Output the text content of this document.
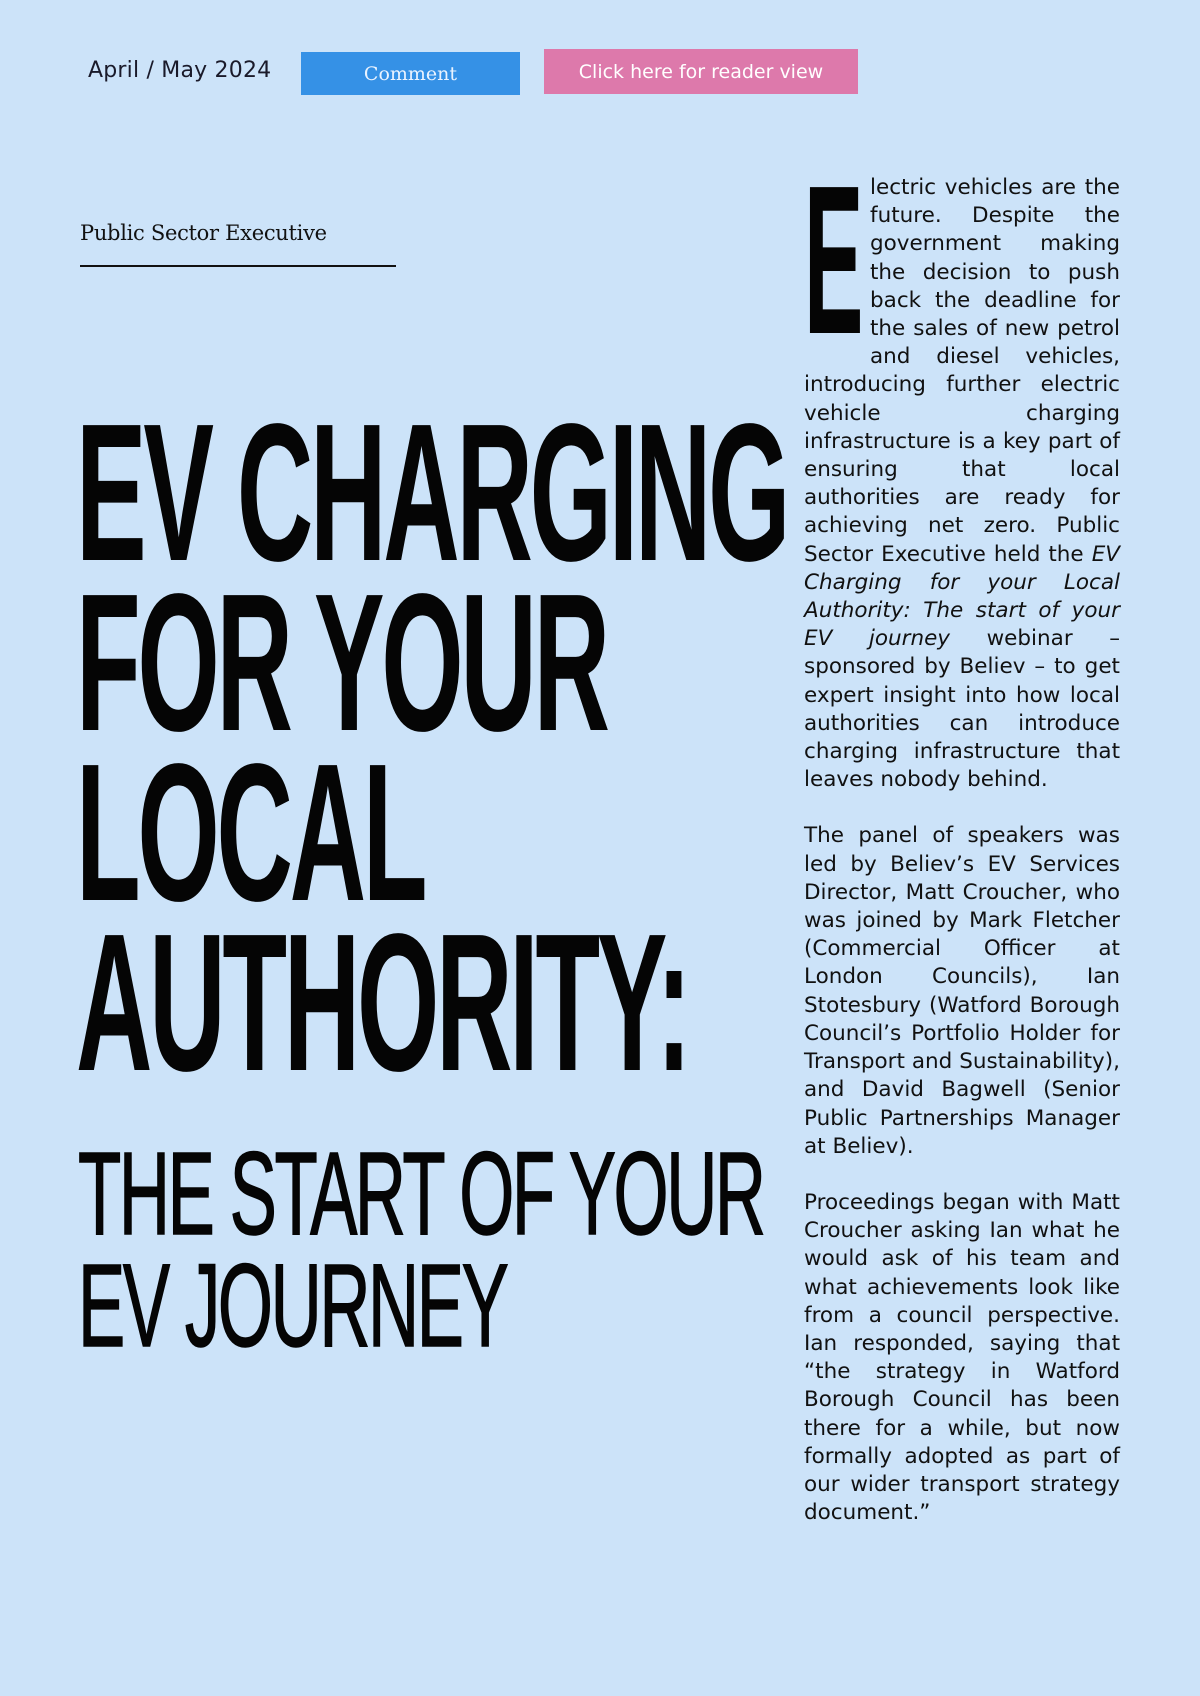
April / May 2024	Comment	Click here for reader view
Public Sector Executive
EV CHARGING
FOR YOUR
LOCAL
AUTHORITY:
THE START OF YOUR
EV JOURNEY

E lectric vehicles are the future. Despite the government making the decision to push back the deadline for the sales of new petrol and diesel vehicles, introducing further electric vehicle charging infrastructure is a key part of ensuring that local authorities are ready for achieving net zero. Public Sector Executive held the EV Charging for your Local Authority: The start of your EV journey webinar – sponsored by Believ – to get expert insight into how local authorities can introduce charging infrastructure that leaves nobody behind.

The panel of speakers was led by Believ’s EV Services Director, Matt Croucher, who was joined by Mark Fletcher (Commercial Officer at London Councils), Ian Stotesbury (Watford Borough Council’s Portfolio Holder for Transport and Sustainability), and David Bagwell (Senior Public Partnerships Manager at Believ).

Proceedings began with Matt Croucher asking Ian what he would ask of his team and what achievements look like from a council perspective. Ian responded, saying that “the strategy in Watford Borough Council has been there for a while, but now formally adopted as part of our wider transport strategy document.”
